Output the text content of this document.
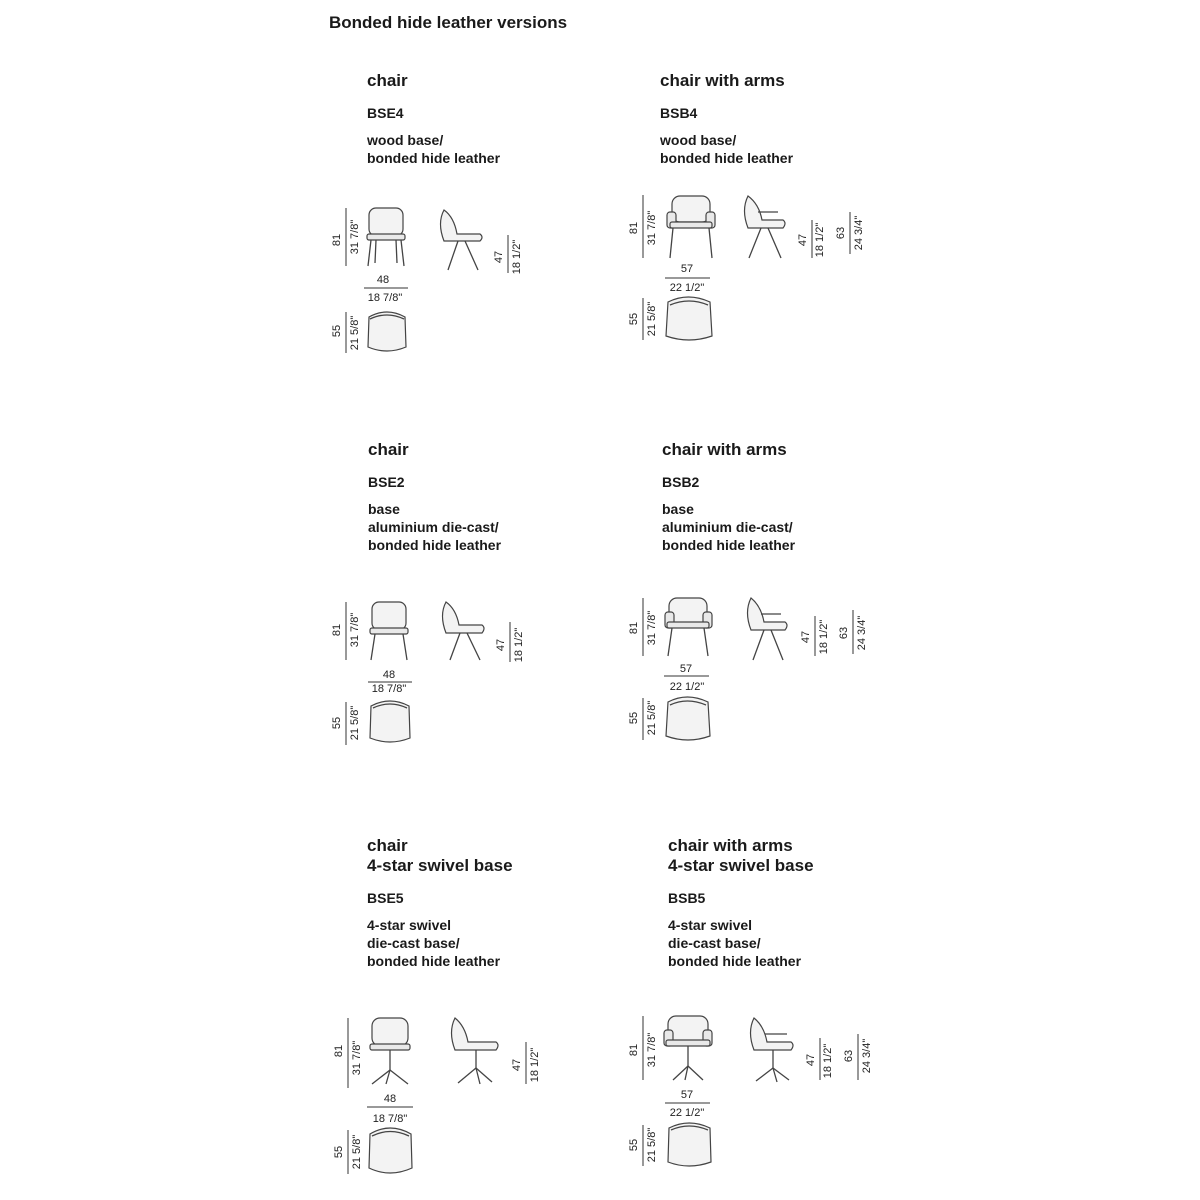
Bonded hide leather versions
chair
BSE4
wood base/
bonded hide leather
81 31 7/8"
47 18 1/2"
48
18 7/8"
55 21 5/8"
chair with arms
BSB4
wood base/
bonded hide leather
81 31 7/8"	47 18 1/2" 63 24 3/4"
57
22 1/2"
55 21 5/8"
chair
BSE2
base
aluminium die-cast/
bonded hide leather
81 31 7/8"	47 18 1/2"
48
18 7/8"
55 21 5/8"
chair with arms
BSB2
base
aluminium die-cast/
bonded hide leather
81 31 7/8"	47 18 1/2" 63 24 3/4"
57
22 1/2"
55 21 5/8"
chair
4-star swivel base
BSE5
4-star swivel
die-cast base/
bonded hide leather
81 31 7/8"	47 18 1/2"
48
18 7/8"
55 21 5/8"
chair with arms
4-star swivel base
BSB5
4-star swivel
die-cast base/
bonded hide leather
81 31 7/8"	47 18 1/2" 63 24 3/4"
57
22 1/2"
55 21 5/8"
